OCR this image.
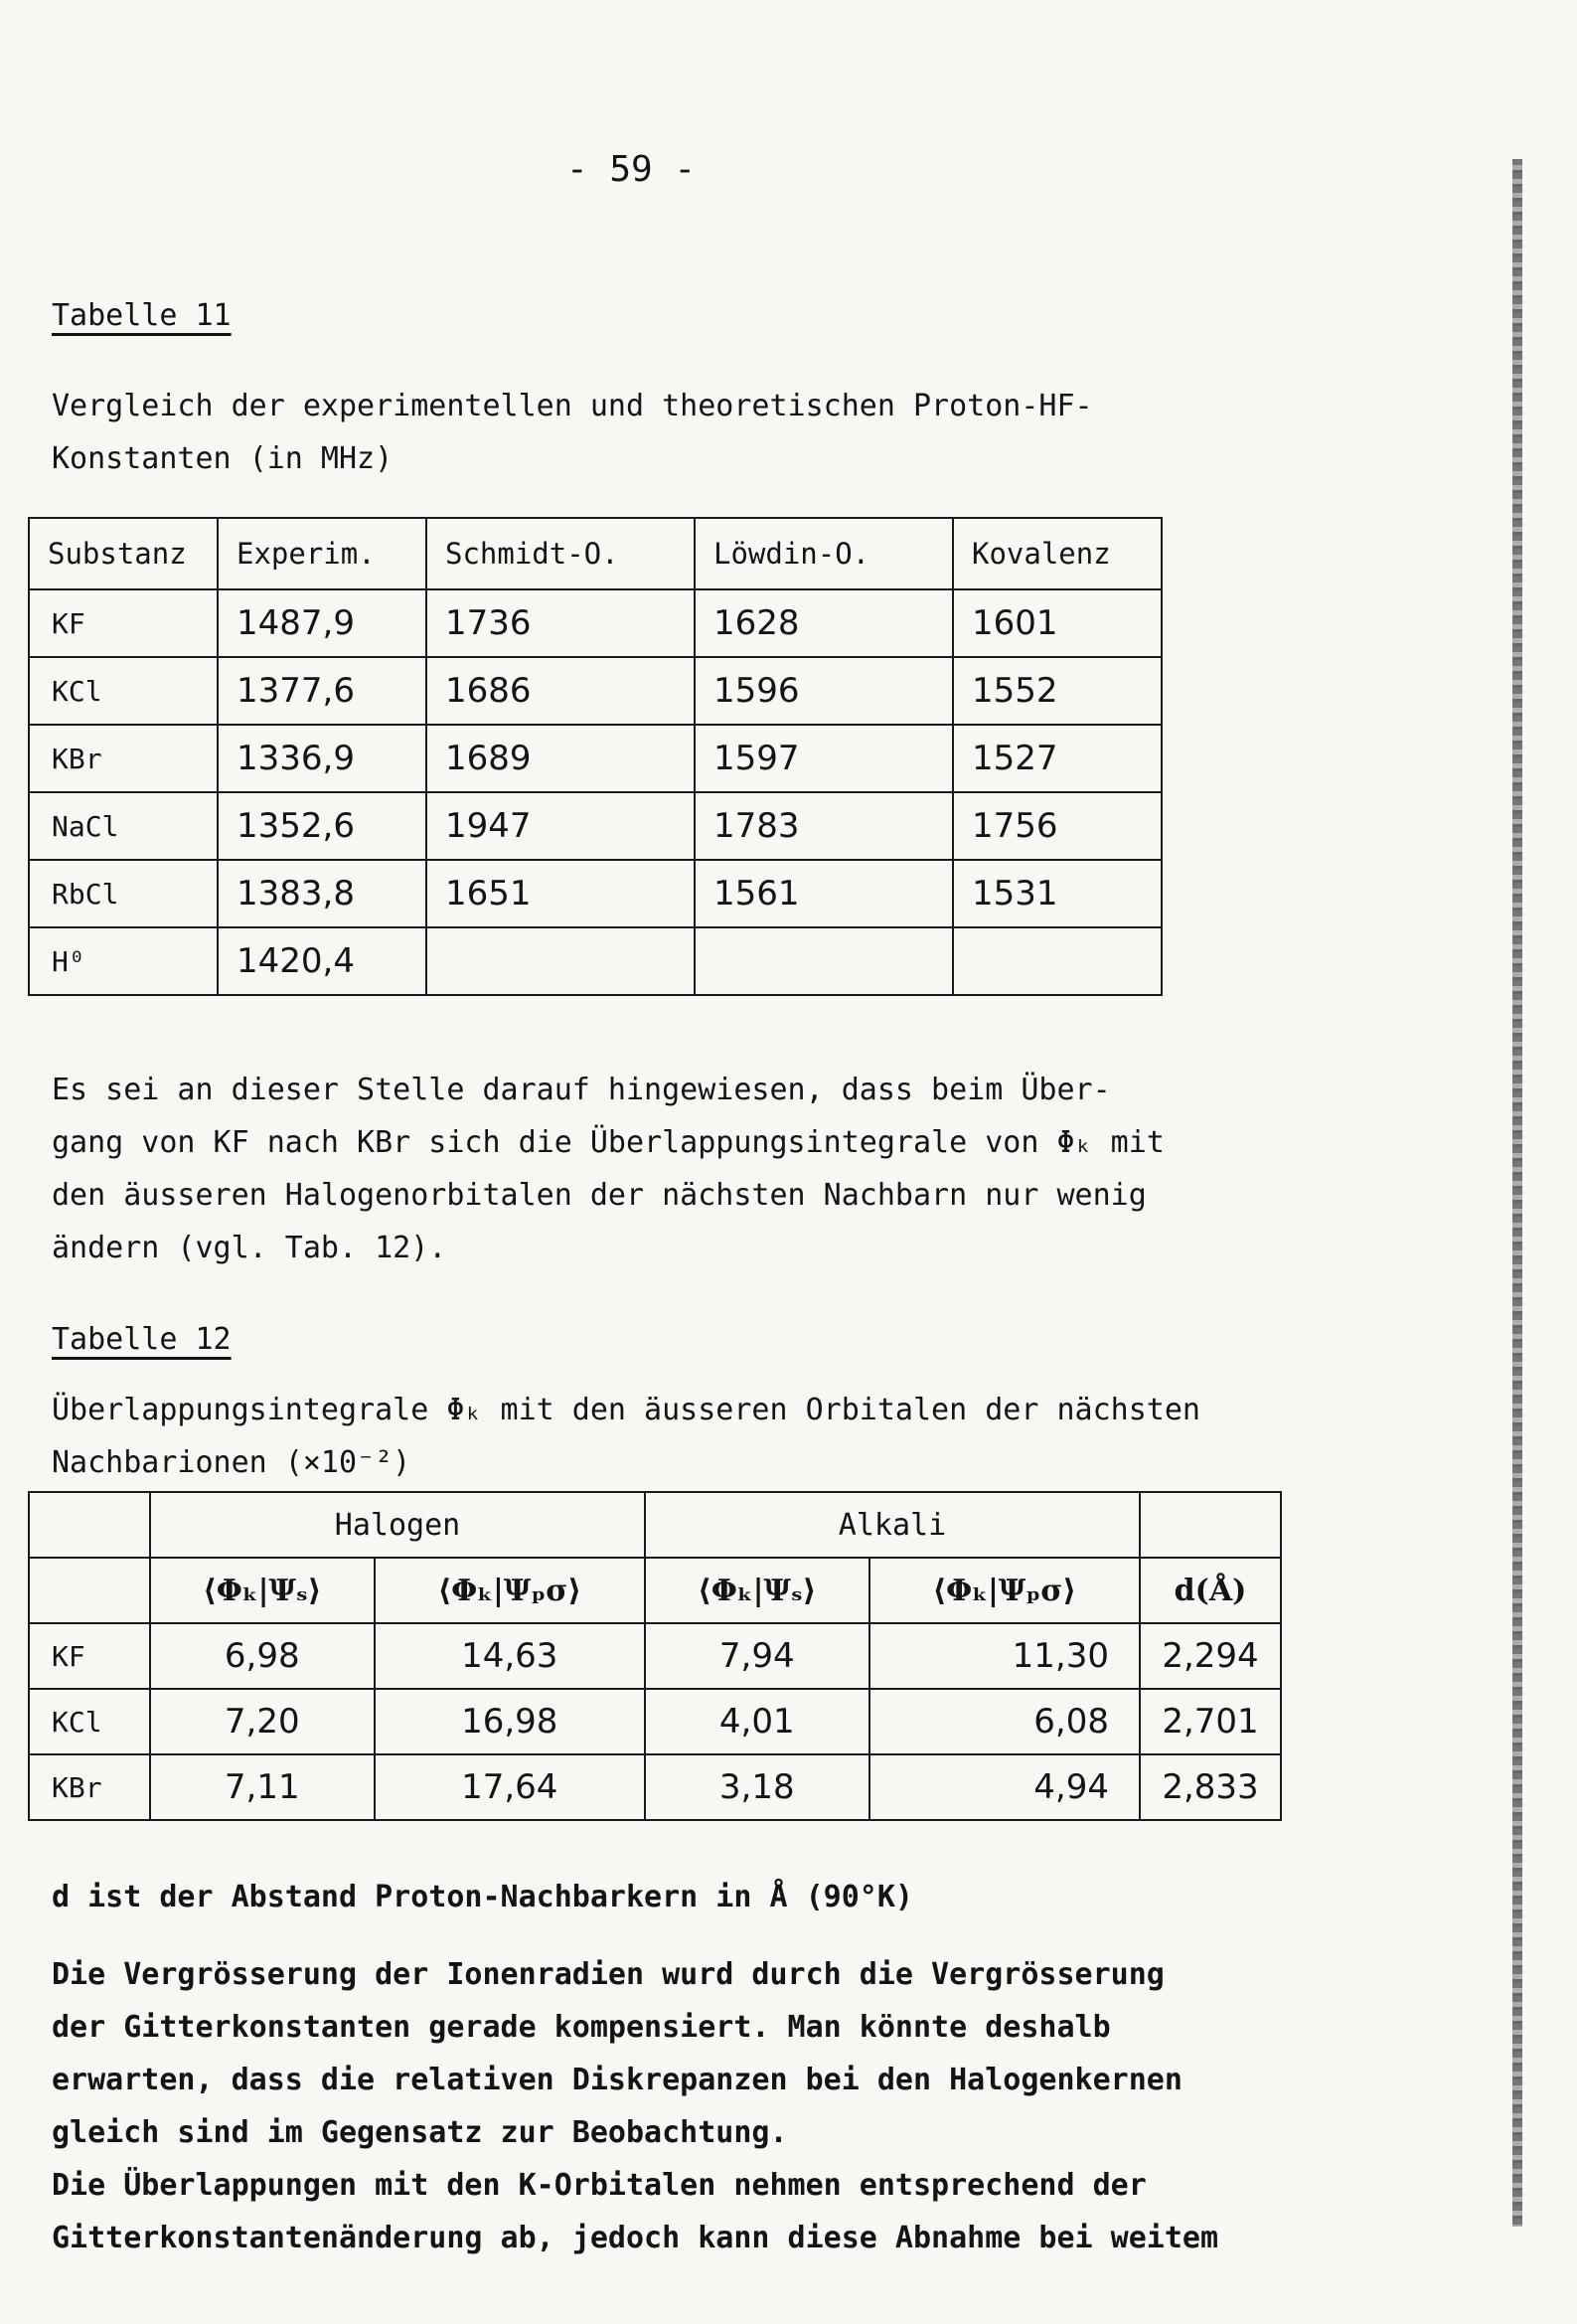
- 59 -
Tabelle 11
Vergleich der experimentellen und theoretischen Proton-HF-
Konstanten (in MHz)
Substanz	Experim.	Schmidt-O.	Löwdin-O.	Kovalenz
KF	1487,9	1736	1628	1601
KCl	1377,6	1686	1596	1552
KBr	1336,9	1689	1597	1527
NaCl	1352,6	1947	1783	1756
RbCl	1383,8	1651	1561	1531
H⁰	1420,4			
Es sei an dieser Stelle darauf hingewiesen, dass beim Über-
gang von KF nach KBr sich die Überlappungsintegrale von Φₖ mit
den äusseren Halogenorbitalen der nächsten Nachbarn nur wenig
ändern (vgl. Tab. 12).
Tabelle 12
Überlappungsintegrale Φₖ mit den äusseren Orbitalen der nächsten
Nachbarionen (×10⁻²)
	Halogen		Alkali		
	⟨Φₖ|Ψₛ⟩	⟨Φₖ|Ψₚσ⟩	⟨Φₖ|Ψₛ⟩	⟨Φₖ|Ψₚσ⟩	d(Å)
KF	6,98	14,63	7,94	11,30	2,294
KCl	7,20	16,98	4,01	6,08	2,701
KBr	7,11	17,64	3,18	4,94	2,833
d ist der Abstand Proton-Nachbarkern in Å (90°K)
Die Vergrösserung der Ionenradien wurd durch die Vergrösserung
der Gitterkonstanten gerade kompensiert. Man könnte deshalb
erwarten, dass die relativen Diskrepanzen bei den Halogenkernen
gleich sind im Gegensatz zur Beobachtung.
Die Überlappungen mit den K-Orbitalen nehmen entsprechend der
Gitterkonstantenänderung ab, jedoch kann diese Abnahme bei weitem
